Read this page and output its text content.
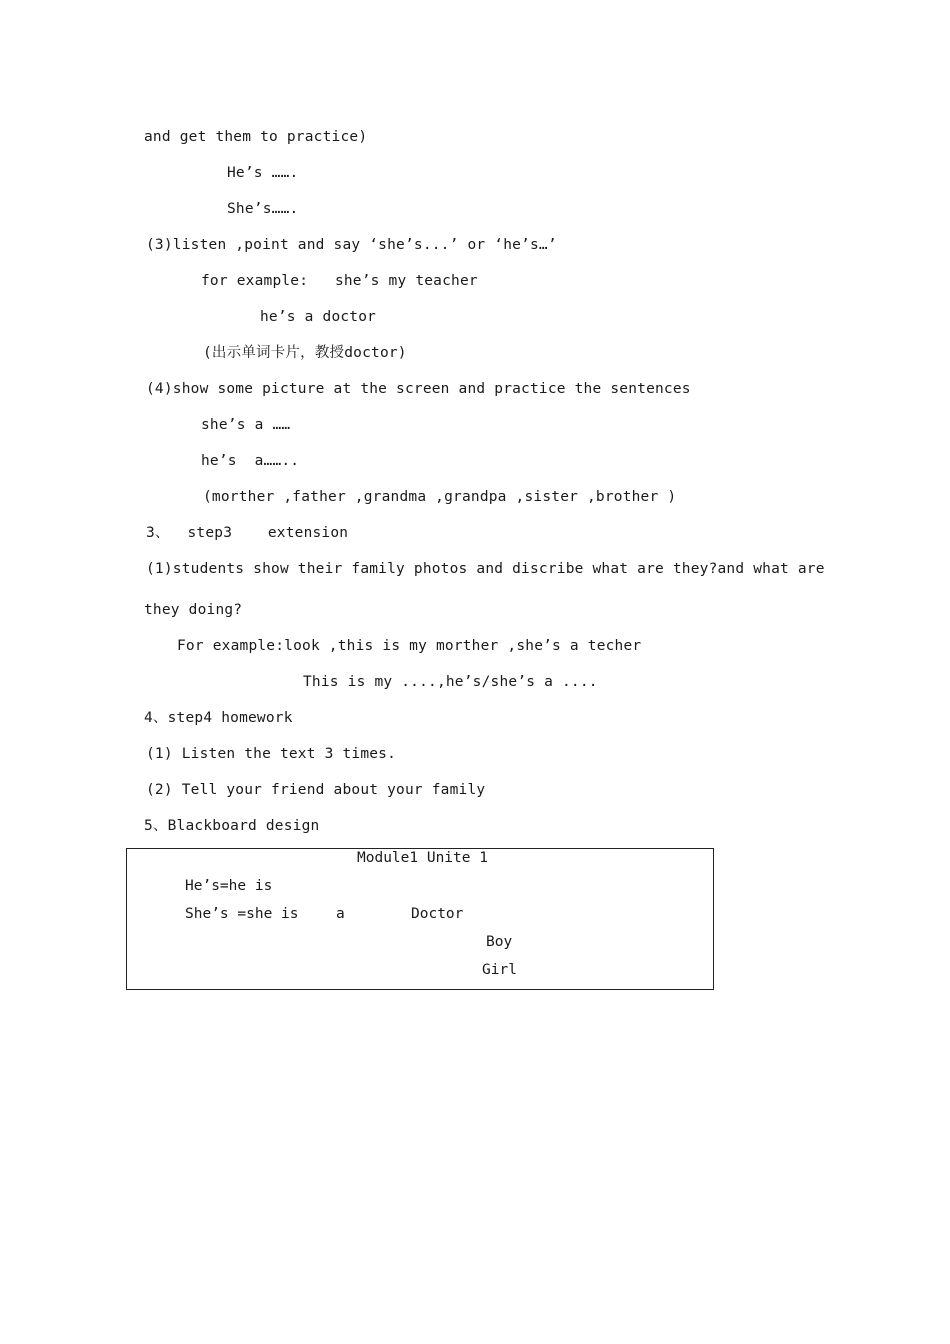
and get them to practice)
He’s …….
She’s…….
(3)listen ,point and say ‘she’s...’ or ‘he’s…’
for example:   she’s my teacher
he’s a doctor
(出示单词卡片，教授doctor)
(4)show some picture at the screen and practice the sentences
she’s a ……
he’s  a……..
(morther ,father ,grandma ,grandpa ,sister ,brother )
3、  step3    extension
(1)students show their family photos and discribe what are they?and what are
they doing?
For example:look ,this is my morther ,she’s a techer
This is my ....,he’s/she’s a ....
4、step4 homework
(1) Listen the text 3 times.
(2) Tell your friend about your family
5、Blackboard design
Module1 Unite 1
He’s=he is
She’s =she is	a	Doctor
Boy
Girl
